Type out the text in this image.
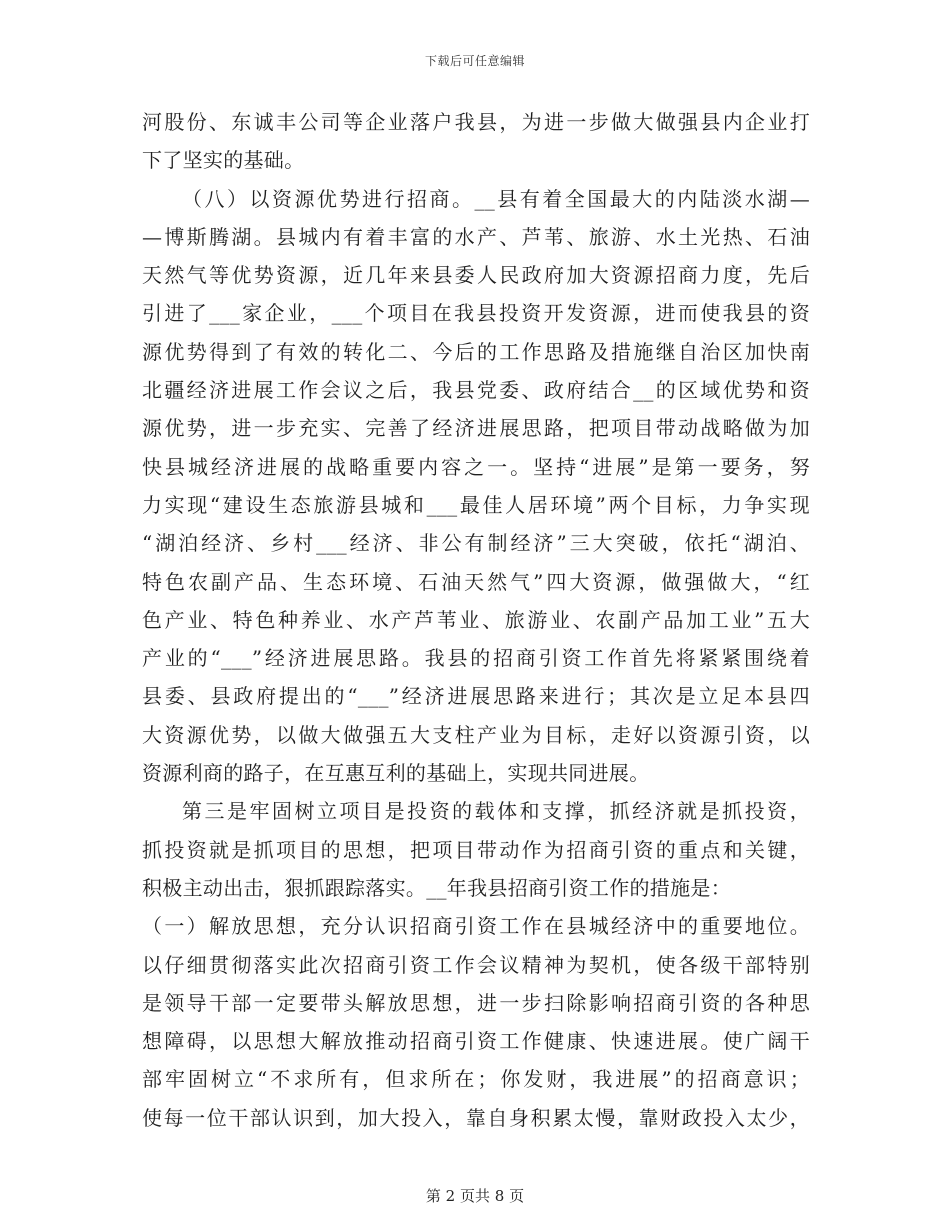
下载后可任意编辑
河股份、东诚丰公司等企业落户我县，为进一步做大做强县内企业打
下了坚实的基础。
（八）以资源优势进行招商。__县有着全国最大的内陆淡水湖—
—博斯腾湖。县城内有着丰富的水产、芦苇、旅游、水土光热、石油
天然气等优势资源，近几年来县委人民政府加大资源招商力度，先后
引进了___家企业，___个项目在我县投资开发资源，进而使我县的资
源优势得到了有效的转化二、今后的工作思路及措施继自治区加快南
北疆经济进展工作会议之后，我县党委、政府结合__的区域优势和资
源优势，进一步充实、完善了经济进展思路，把项目带动战略做为加
快县城经济进展的战略重要内容之一。坚持“进展”是第一要务，努
力实现“建设生态旅游县城和___最佳人居环境”两个目标，力争实现
“湖泊经济、乡村___经济、非公有制经济”三大突破，依托“湖泊、
特色农副产品、生态环境、石油天然气”四大资源，做强做大，“红
色产业、特色种养业、水产芦苇业、旅游业、农副产品加工业”五大
产业的“___”经济进展思路。我县的招商引资工作首先将紧紧围绕着
县委、县政府提出的“___”经济进展思路来进行；其次是立足本县四
大资源优势，以做大做强五大支柱产业为目标，走好以资源引资，以
资源利商的路子，在互惠互利的基础上，实现共同进展。
第三是牢固树立项目是投资的载体和支撑，抓经济就是抓投资，
抓投资就是抓项目的思想，把项目带动作为招商引资的重点和关键，
积极主动出击，狠抓跟踪落实。__年我县招商引资工作的措施是：
（一）解放思想，充分认识招商引资工作在县城经济中的重要地位。
以仔细贯彻落实此次招商引资工作会议精神为契机，使各级干部特别
是领导干部一定要带头解放思想，进一步扫除影响招商引资的各种思
想障碍，以思想大解放推动招商引资工作健康、快速进展。使广阔干
部牢固树立“不求所有，但求所在；你发财，我进展”的招商意识；
使每一位干部认识到，加大投入，靠自身积累太慢，靠财政投入太少，
第 2 页共 8 页
